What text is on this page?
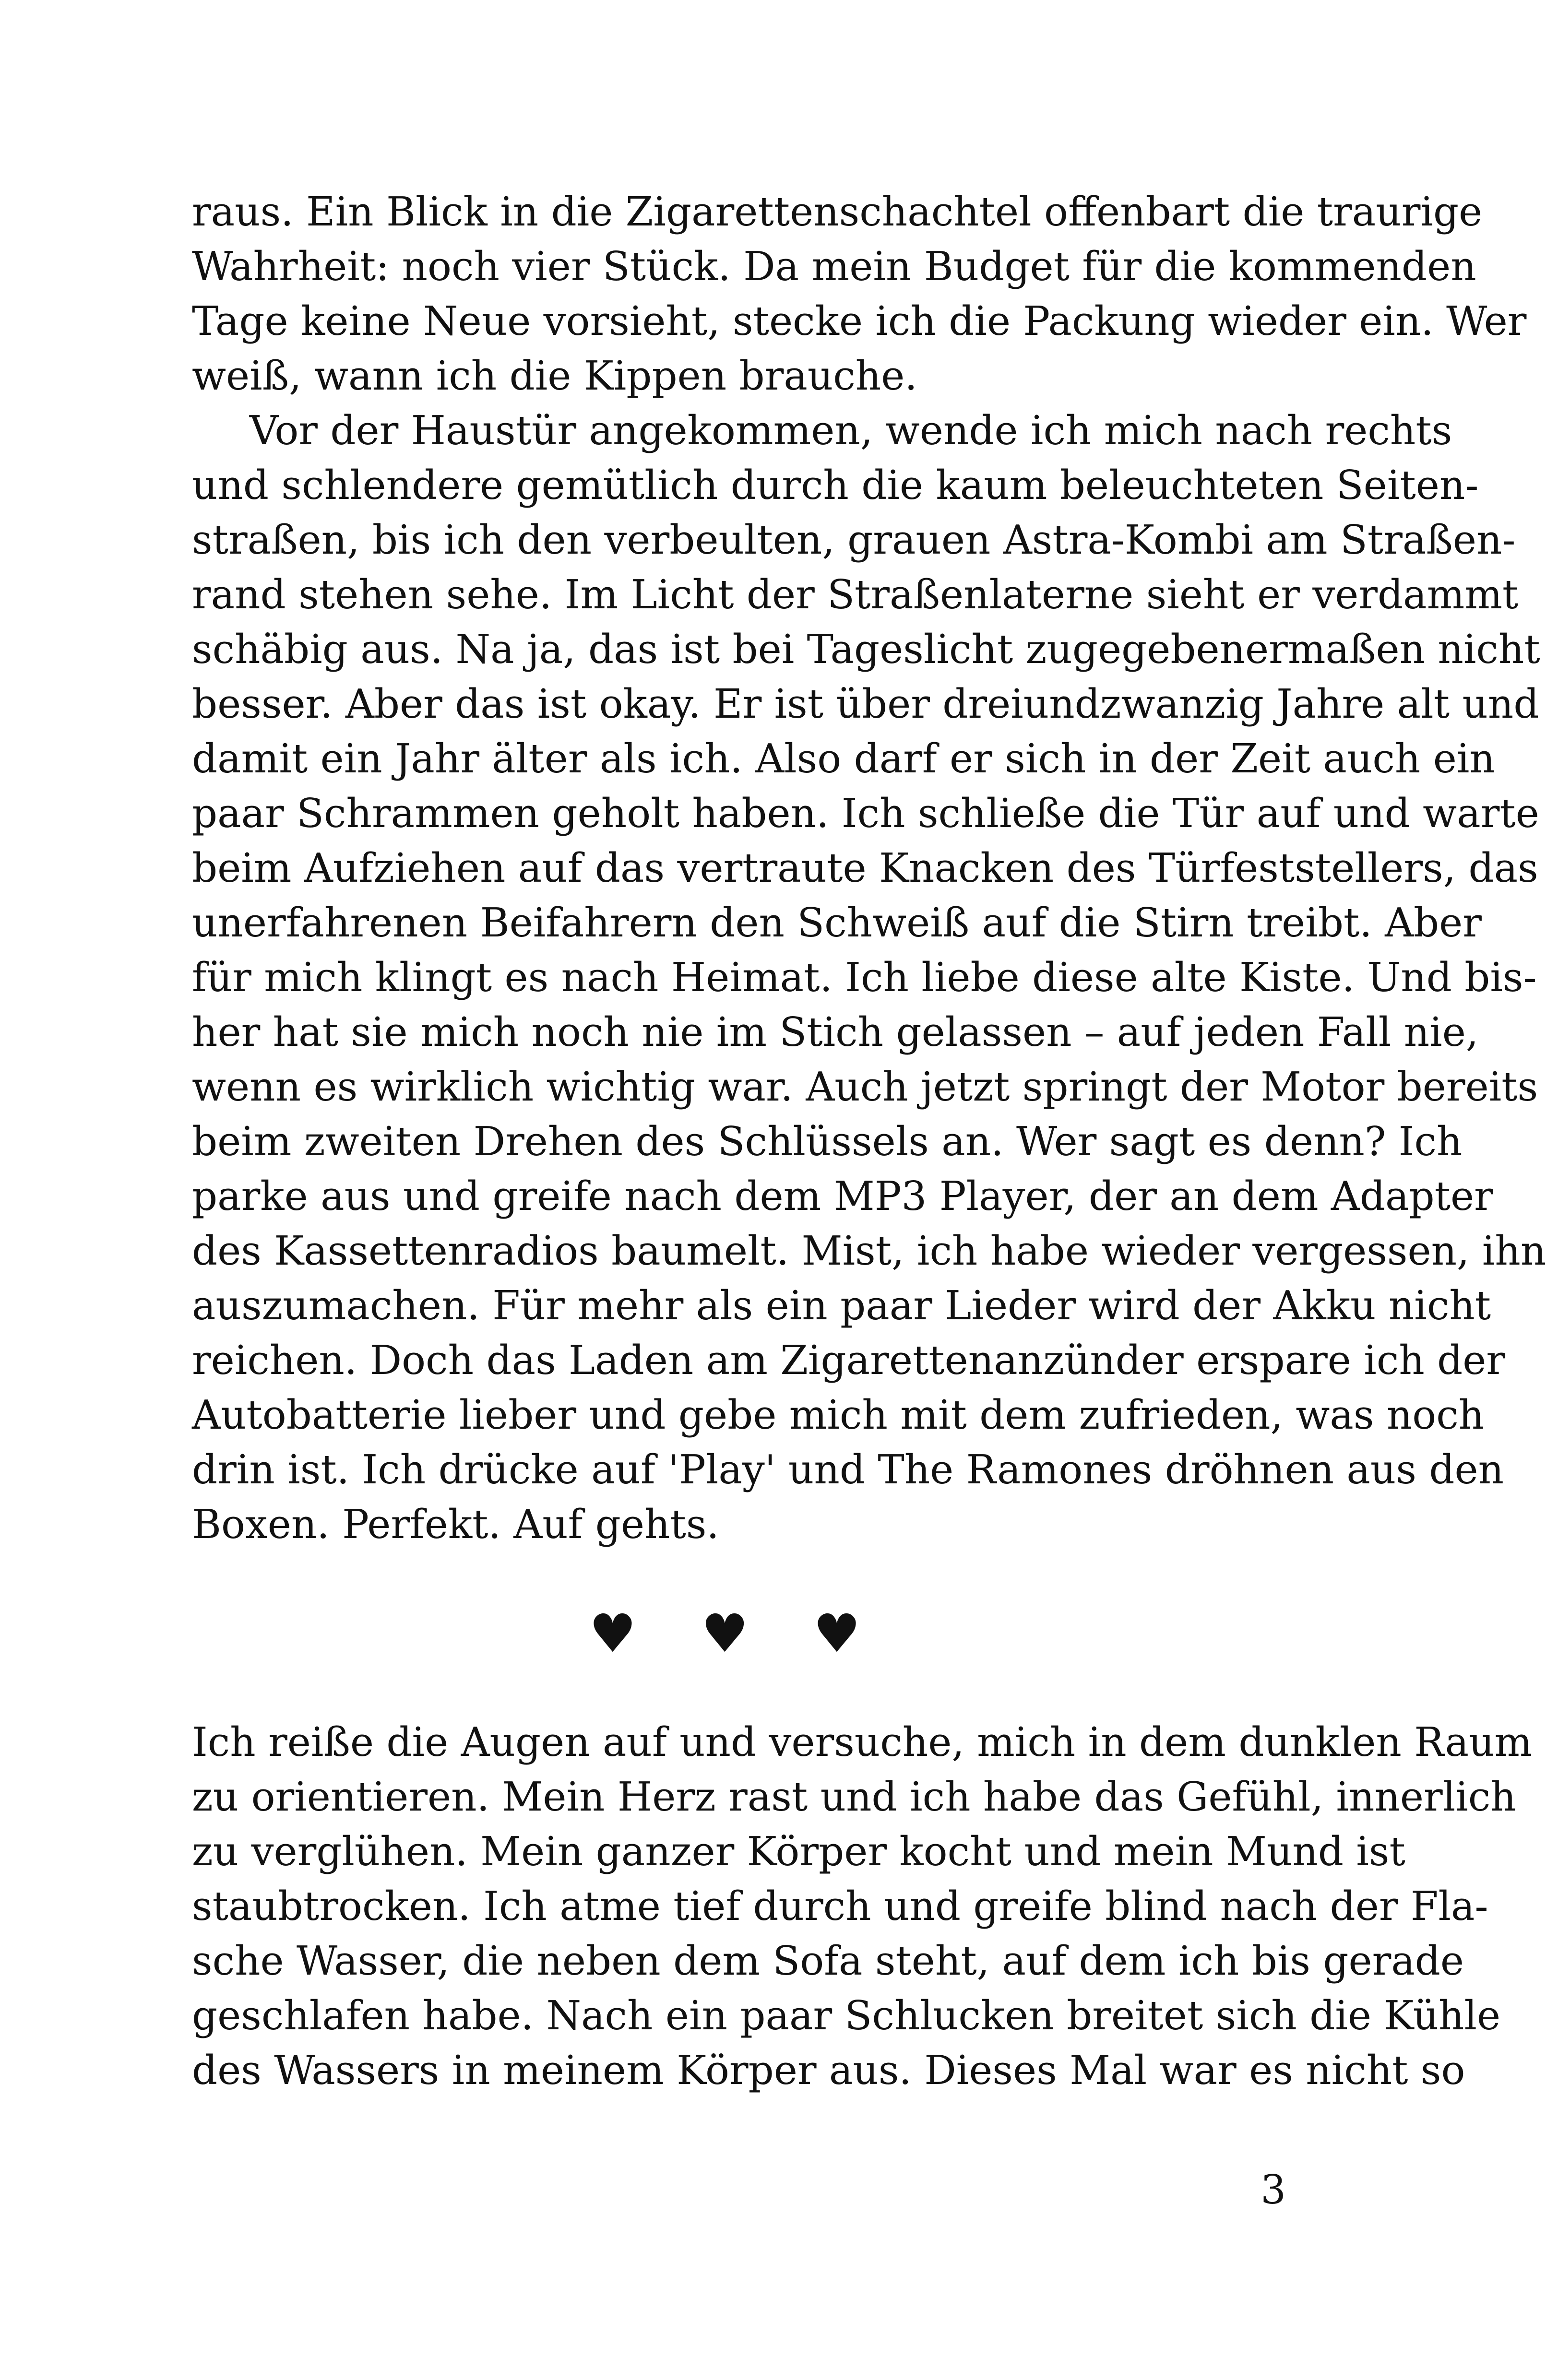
raus. Ein Blick in die Zigarettenschachtel offenbart die traurige
Wahrheit: noch vier Stück. Da mein Budget für die kommenden
Tage keine Neue vorsieht, stecke ich die Packung wieder ein. Wer
weiß, wann ich die Kippen brauche.
Vor der Haustür angekommen, wende ich mich nach rechts
und schlendere gemütlich durch die kaum beleuchteten Seiten-
straßen, bis ich den verbeulten, grauen Astra-Kombi am Straßen-
rand stehen sehe. Im Licht der Straßenlaterne sieht er verdammt
schäbig aus. Na ja, das ist bei Tageslicht zugegebenermaßen nicht
besser. Aber das ist okay. Er ist über dreiundzwanzig Jahre alt und
damit ein Jahr älter als ich. Also darf er sich in der Zeit auch ein
paar Schrammen geholt haben. Ich schließe die Tür auf und warte
beim Aufziehen auf das vertraute Knacken des Türfeststellers, das
unerfahrenen Beifahrern den Schweiß auf die Stirn treibt. Aber
für mich klingt es nach Heimat. Ich liebe diese alte Kiste. Und bis-
her hat sie mich noch nie im Stich gelassen – auf jeden Fall nie,
wenn es wirklich wichtig war. Auch jetzt springt der Motor bereits
beim zweiten Drehen des Schlüssels an. Wer sagt es denn? Ich
parke aus und greife nach dem MP3 Player, der an dem Adapter
des Kassettenradios baumelt. Mist, ich habe wieder vergessen, ihn
auszumachen. Für mehr als ein paar Lieder wird der Akku nicht
reichen. Doch das Laden am Zigarettenanzünder erspare ich der
Autobatterie lieber und gebe mich mit dem zufrieden, was noch
drin ist. Ich drücke auf 'Play' und The Ramones dröhnen aus den
Boxen. Perfekt. Auf gehts.
♥ ♥ ♥
Ich reiße die Augen auf und versuche, mich in dem dunklen Raum
zu orientieren. Mein Herz rast und ich habe das Gefühl, innerlich
zu verglühen. Mein ganzer Körper kocht und mein Mund ist
staubtrocken. Ich atme tief durch und greife blind nach der Fla-
sche Wasser, die neben dem Sofa steht, auf dem ich bis gerade
geschlafen habe. Nach ein paar Schlucken breitet sich die Kühle
des Wassers in meinem Körper aus. Dieses Mal war es nicht so
3
